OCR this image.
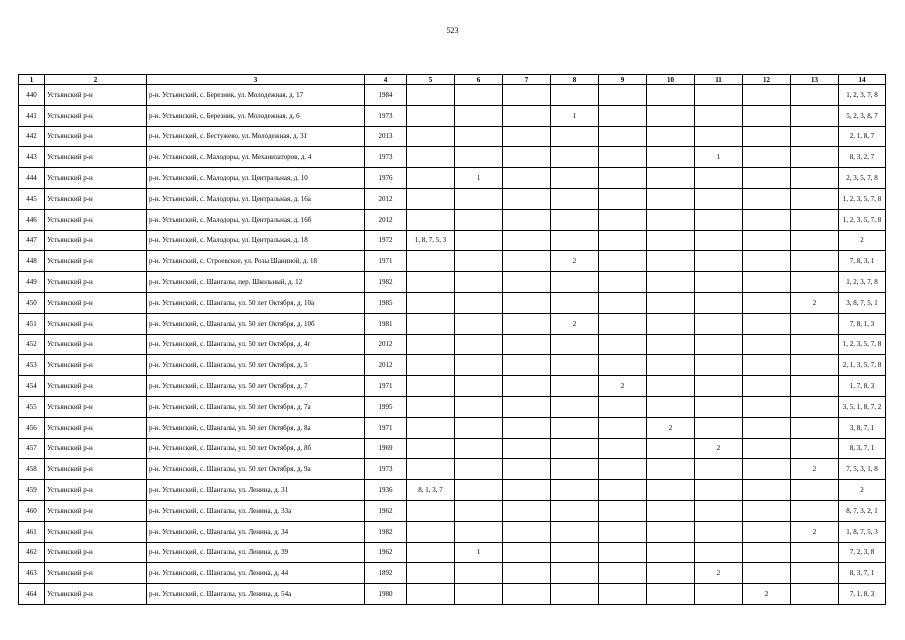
523
1	2	3	4	5	6	7	8	9	10	11	12	13	14
440	Устьянский р-н	р-н. Устьянский, с. Березник, ул. Молодежная, д. 17	1984										1, 2, 3, 7, 8
441	Устьянский р-н	р-н. Устьянский, с. Березник, ул. Молодежная, д. 6	1973				1						5, 2, 3, 8, 7
442	Устьянский р-н	р-н. Устьянский, с. Бестужево, ул. Молодежная, д. 31	2013										2, 1, 8, 7
443	Устьянский р-н	р-н. Устьянский, с. Малодоры, ул. Механизаторов, д. 4	1973							1			8, 3, 2, 7
444	Устьянский р-н	р-н. Устьянский, с. Малодоры, ул. Центральная, д. 10	1976		1								2, 3, 5, 7, 8
445	Устьянский р-н	р-н. Устьянский, с. Малодоры, ул. Центральная, д. 16а	2012										1, 2, 3, 5, 7, 8
446	Устьянский р-н	р-н. Устьянский, с. Малодоры, ул. Центральная, д. 16б	2012										1, 2, 3, 5, 7, 8
447	Устьянский р-н	р-н. Устьянский, с. Малодоры, ул. Центральная, д. 18	1972	1, 8, 7, 5, 3									2
448	Устьянский р-н	р-н. Устьянский, с. Строевское, ул. Розы Шаниной, д. 18	1971				2						7, 8, 3, 1
449	Устьянский р-н	р-н. Устьянский, с. Шангалы, пер. Школьный, д. 12	1982										1, 2, 3, 7, 8
450	Устьянский р-н	р-н. Устьянский, с. Шангалы, ул. 50 лет Октября, д. 10а	1985									2	3, 8, 7, 5, 1
451	Устьянский р-н	р-н. Устьянский, с. Шангалы, ул. 50 лет Октября, д. 10б	1981				2						7, 8, 1, 3
452	Устьянский р-н	р-н. Устьянский, с. Шангалы, ул. 50 лет Октября, д. 4г	2012										1, 2, 3, 5, 7, 8
453	Устьянский р-н	р-н. Устьянский, с. Шангалы, ул. 50 лет Октября, д. 5	2012										2, 1, 3, 5, 7, 8
454	Устьянский р-н	р-н. Устьянский, с. Шангалы, ул. 50 лет Октября, д. 7	1971					2					1, 7, 8, 3
455	Устьянский р-н	р-н. Устьянский, с. Шангалы, ул. 50 лет Октября, д. 7а	1995										3, 5, 1, 8, 7, 2
456	Устьянский р-н	р-н. Устьянский, с. Шангалы, ул. 50 лет Октября, д. 8а	1971						2				3, 8, 7, 1
457	Устьянский р-н	р-н. Устьянский, с. Шангалы, ул. 50 лет Октября, д. 8б	1969							2			8, 3, 7, 1
458	Устьянский р-н	р-н. Устьянский, с. Шангалы, ул. 50 лет Октября, д. 9а	1973									2	7, 5, 3, 1, 8
459	Устьянский р-н	р-н. Устьянский, с. Шангалы, ул. Ленина, д. 31	1936	8, 1, 3, 7									2
460	Устьянский р-н	р-н. Устьянский, с. Шангалы, ул. Ленина, д. 33а	1962										8, 7, 3, 2, 1
461	Устьянский р-н	р-н. Устьянский, с. Шангалы, ул. Ленина, д. 34	1982									2	1, 8, 7, 5, 3
462	Устьянский р-н	р-н. Устьянский, с. Шангалы, ул. Ленина, д. 39	1962		1								7, 2, 3, 8
463	Устьянский р-н	р-н. Устьянский, с. Шангалы, ул. Ленина, д. 44	1892							2			8, 3, 7, 1
464	Устьянский р-н	р-н. Устьянский, с. Шангалы, ул. Ленина, д. 54а	1980								2		7, 1, 8, 3
